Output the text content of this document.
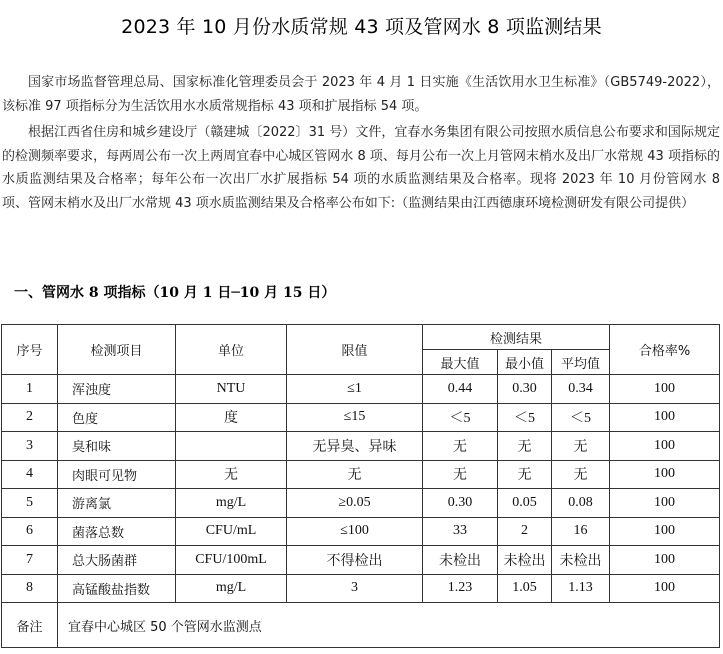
2023 年 10 月份水质常规 43 项及管网水 8 项监测结果

国家市场监督管理总局、国家标准化管理委员会于 2023 年 4 月 1 日实施《生活饮用水卫生标准》（GB5749-2022），该标准 97 项指标分为生活饮用水水质常规指标 43 项和扩展指标 54 项。

根据江西省住房和城乡建设厅（赣建城〔2022〕31 号）文件，宜春水务集团有限公司按照水质信息公布要求和国际规定的检测频率要求，每两周公布一次上两周宜春中心城区管网水 8 项、每月公布一次上月管网末梢水及出厂水常规 43 项指标的水质监测结果及合格率；每年公布一次出厂水扩展指标 54 项的水质监测结果及合格率。现将 2023 年 10 月份管网水 8 项、管网末梢水及出厂水常规 43 项水质监测结果及合格率公布如下:（监测结果由江西德康环境检测研发有限公司提供）

一、管网水 8 项指标（10 月 1 日─10 月 15 日）
序号	检测项目	单位	限值	检测结果			合格率%
				最大值	最小值	平均值	
1	浑浊度	NTU	≤1	0.44	0.30	0.34	100
2	色度	度	≤15	＜5	＜5	＜5	100
3	臭和味		无异臭、异味	无	无	无	100
4	肉眼可见物	无	无	无	无	无	100
5	游离氯	mg/L	≥0.05	0.30	0.05	0.08	100
6	菌落总数	CFU/mL	≤100	33	2	16	100
7	总大肠菌群	CFU/100mL	不得检出	未检出	未检出	未检出	100
8	高锰酸盐指数	mg/L	3	1.23	1.05	1.13	100
备注	宜春中心城区 50 个管网水监测点						
